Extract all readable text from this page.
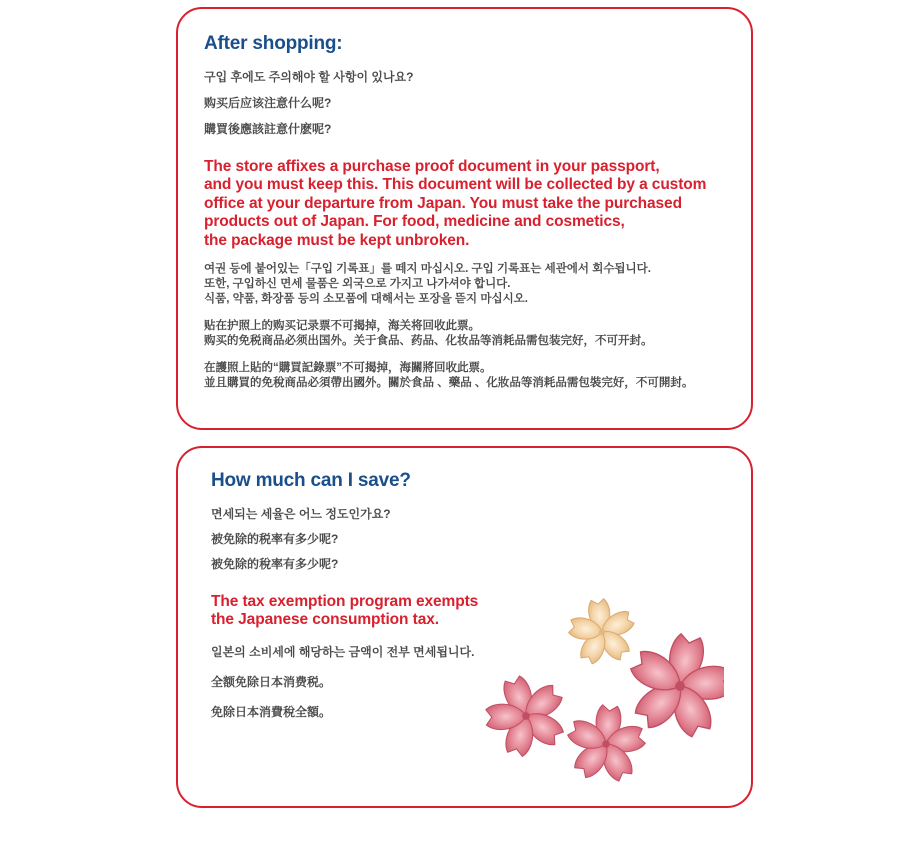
After shopping:

구입 후에도 주의해야 할 사항이 있나요?

购买后应该注意什么呢?

購買後應該註意什麽呢?

The store affixes a purchase proof document in your passport,
and you must keep this. This document will be collected by a custom
office at your departure from Japan. You must take the purchased
products out of Japan. For food, medicine and cosmetics,
the package must be kept unbroken.

여권 등에 붙어있는「구입 기록표」를 떼지 마십시오. 구입 기록표는 세관에서 회수됩니다.
또한, 구입하신 면세 물품은 외국으로 가지고 나가셔야 합니다.
식품, 약품, 화장품 등의 소모품에 대해서는 포장을 뜯지 마십시오.

贴在护照上的购买记录票不可揭掉，海关将回收此票。
购买的免税商品必须出国外。关于食品、药品、化妆品等消耗品需包装完好，不可开封。

在護照上貼的“購買記錄票”不可揭掉，海關將回收此票。
並且購買的免稅商品必須帶出國外。關於食品 、藥品 、化妝品等消耗品需包裝完好，不可開封。

How much can I save?

면세되는 세율은 어느 정도인가요?

被免除的税率有多少呢?

被免除的稅率有多少呢?

The tax exemption program exempts
the Japanese consumption tax.

일본의 소비세에 해당하는 금액이 전부 면세됩니다.

全额免除日本消费税。

免除日本消費稅全額。
